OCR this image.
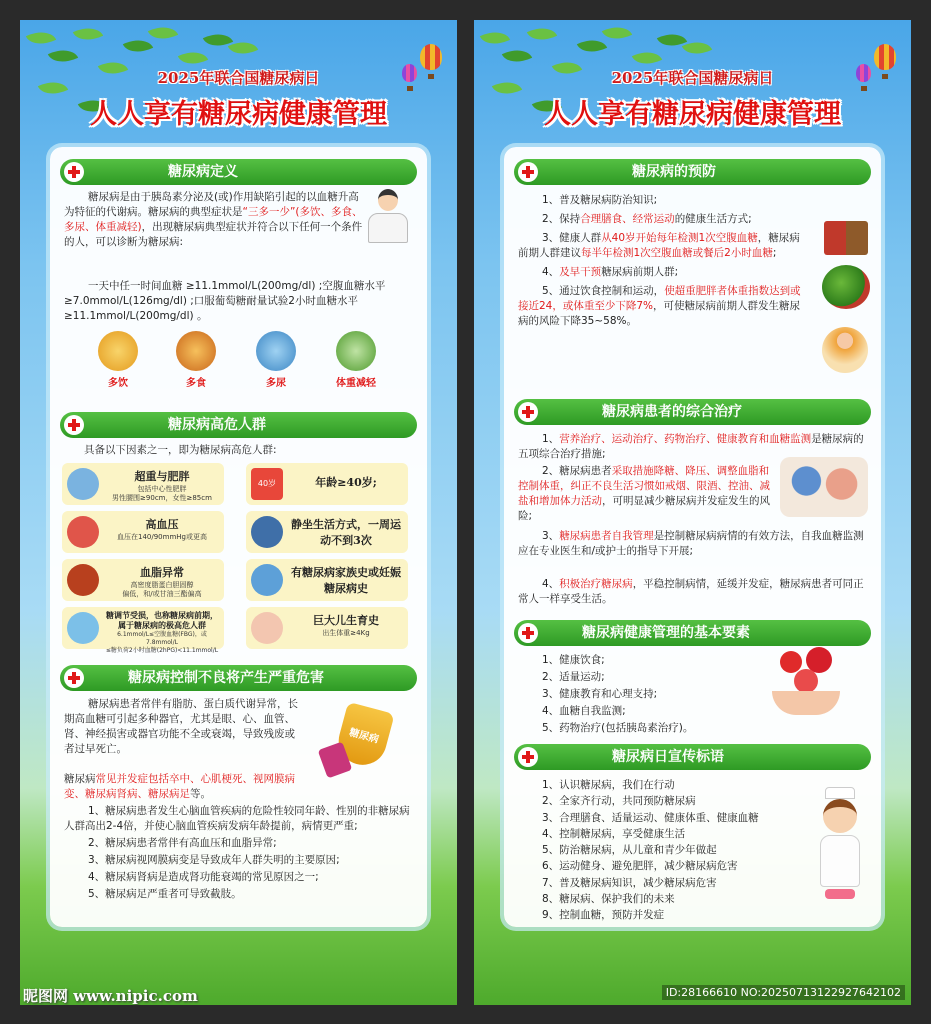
2025年联合国糖尿病日
人人享有糖尿病健康管理
糖尿病定义
糖尿病是由于胰岛素分泌及(或)作用缺陷引起的以血糖升高为特征的代谢病。糖尿病的典型症状是“三多一少”(多饮、多食、多尿、体重减轻)，出现糖尿病典型症状并符合以下任何一个条件的人，可以诊断为糖尿病:
一天中任一时间血糖 ≥11.1mmol/L(200mg/dl) ;空腹血糖水平 ≥7.0mmol/L(126mg/dl) ;口服葡萄糖耐量试验2小时血糖水平 ≥11.1mmol/L(200mg/dl) 。
多饮	多食	多尿	体重减轻
糖尿病高危人群
具备以下因素之一，即为糖尿病高危人群:
超重与肥胖
包括中心性肥胖
男性腰围≥90cm，女性≥85cm
40岁	年龄≥40岁;
高血压
血压在140/90mmHg或更高
静坐生活方式，一周运动不到3次
血脂异常
高密度脂蛋白胆固醇
偏低，和/或甘油三酯偏高
有糖尿病家族史或妊娠糖尿病史
糖调节受损，也称糖尿病前期，属于糖尿病的极高危人群
6.1mmol/L≤空腹血糖(FBG)，或7.8mmol/L
≤糖负荷2小时血糖(2hPG)<11.1mmol/L
巨大儿生育史
出生体重≥4Kg
糖尿病控制不良将产生严重危害
糖尿病患者常伴有脂肪、蛋白质代谢异常，长期高血糖可引起多种器官，尤其是眼、心、血管、肾、神经损害或器官功能不全或衰竭，导致残废或者过早死亡。
糖尿病常见并发症包括卒中、心肌梗死、视网膜病变、糖尿病肾病、糖尿病足等。
糖尿病
1、糖尿病患者发生心脑血管疾病的危险性较同年龄、性别的非糖尿病人群高出2-4倍，并使心脑血管疾病发病年龄提前，病情更严重;
2、糖尿病患者常伴有高血压和血脂异常;
3、糖尿病视网膜病变是导致成年人群失明的主要原因;
4、糖尿病肾病是造成肾功能衰竭的常见原因之一;
5、糖尿病足严重者可导致截肢。
2025年联合国糖尿病日
人人享有糖尿病健康管理
糖尿病的预防
1、普及糖尿病防治知识;
2、保持合理膳食、经常运动的健康生活方式;
3、健康人群从40岁开始每年检测1次空腹血糖，糖尿病前期人群建议每半年检测1次空腹血糖或餐后2小时血糖;
4、及早干预糖尿病前期人群;
5、通过饮食控制和运动，使超重肥胖者体重指数达到或接近24，或体重至少下降7%，可使糖尿病前期人群发生糖尿病的风险下降35~58%。
糖尿病患者的综合治疗
1、营养治疗、运动治疗、药物治疗、健康教育和血糖监测是糖尿病的五项综合治疗措施;
2、糖尿病患者采取措施降糖、降压、调整血脂和控制体重，纠正不良生活习惯如戒烟、限酒、控油、减盐和增加体力活动，可明显减少糖尿病并发症发生的风险;
3、糖尿病患者自我管理是控制糖尿病病情的有效方法，自我血糖监测应在专业医生和/或护士的指导下开展;
4、积极治疗糖尿病，平稳控制病情，延缓并发症，糖尿病患者可同正常人一样享受生活。
糖尿病健康管理的基本要素
1、健康饮食;
2、适量运动;
3、健康教育和心理支持;
4、血糖自我监测;
5、药物治疗(包括胰岛素治疗)。
糖尿病日宣传标语
1、认识糖尿病，我们在行动
2、全家齐行动，共同预防糖尿病
3、合理膳食、适量运动、健康体重、健康血糖
4、控制糖尿病，享受健康生活
5、防治糖尿病，从儿童和青少年做起
6、运动健身、避免肥胖，减少糖尿病危害
7、普及糖尿病知识，减少糖尿病危害
8、糖尿病、保护我们的未来
9、控制血糖，预防并发症
昵图网 www.nipic.com	ID:28166610 NO:20250713122927642102
